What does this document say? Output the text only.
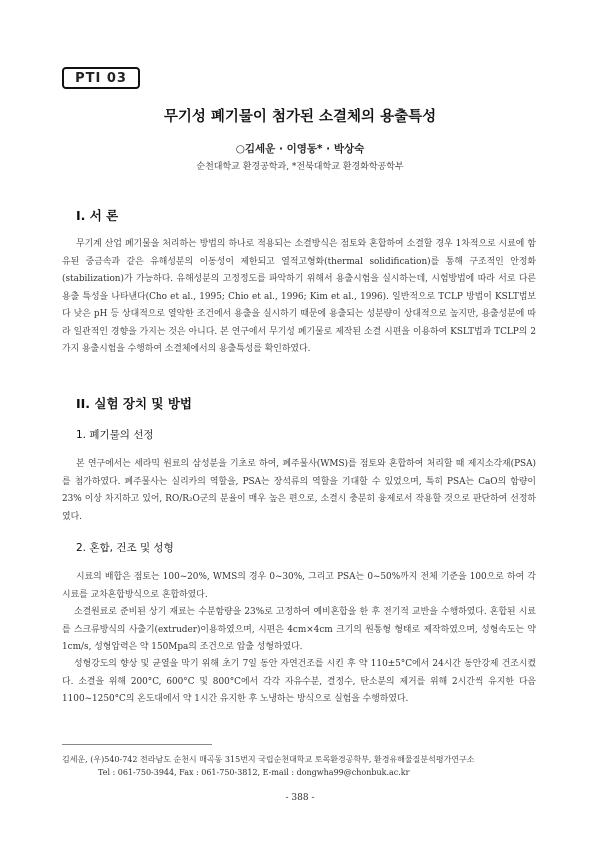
PTI 03
무기성 폐기물이 첨가된 소결체의 용출특성
○김세운 · 이영동* · 박상숙
순천대학교 환경공학과, *전북대학교 환경화학공학부
I. 서 론

무기계 산업 폐기물을 처리하는 방법의 하나로 적용되는 소결방식은 점토와 혼합하여 소결할 경우 1차적으로 시료에 함유된 중금속과 같은 유해성분의 이동성이 제한되고 열적고형화(thermal solidification)를 통해 구조적인 안정화(stabilization)가 가능하다. 유해성분의 고정정도를 파악하기 위해서 용출시험을 실시하는데, 시험방법에 따라 서로 다른 용출 특성을 나타낸다(Cho et al., 1995; Chio et al., 1996; Kim et al., 1996). 일반적으로 TCLP 방법이 KSLT법보다 낮은 pH 등 상대적으로 열악한 조건에서 용출을 실시하기 때문에 용출되는 성분량이 상대적으로 높지만, 용출성분에 따라 일관적인 경향을 가지는 것은 아니다. 본 연구에서 무기성 폐기물로 제작된 소결 시편을 이용하여 KSLT법과 TCLP의 2가지 용출시험을 수행하여 소결체에서의 용출특성를 확인하였다.

II. 실험 장치 및 방법
1. 폐기물의 선정

본 연구에서는 세라믹 원료의 삼성분을 기초로 하여, 폐주물사(WMS)를 점토와 혼합하여 처리할 때 제지소각재(PSA)를 첨가하였다. 폐주물사는 실리카의 역할을, PSA는 장석류의 역할을 기대할 수 있었으며, 특히 PSA는 CaO의 함량이 23% 이상 차지하고 있어, RO/R₂O군의 분율이 매우 높은 편으로, 소결시 충분히 융제로서 작용할 것으로 판단하여 선정하였다.

2. 혼합, 건조 및 성형

시료의 배합은 점토는 100~20%, WMS의 경우 0~30%, 그리고 PSA는 0~50%까지 전체 기준을 100으로 하여 각 시료를 교차혼합방식으로 혼합하였다.

소결원료로 준비된 상기 재료는 수분함량을 23%로 고정하여 예비혼합을 한 후 전기적 교반을 수행하였다. 혼합된 시료를 스크류방식의 사출기(extruder)이용하였으며, 시편은 4cm×4cm 크기의 원통형 형태로 제작하였으며, 성형속도는 약 1cm/s, 성형압력은 약 150Mpa의 조건으로 압출 성형하였다.

성형강도의 향상 및 균열을 막기 위해 초기 7일 동안 자연건조를 시킨 후 약 110±5°C에서 24시간 동안강제 건조시켰다. 소결을 위해 200°C, 600°C 및 800°C에서 각각 자유수분, 결정수, 탄소분의 제거를 위해 2시간씩 유지한 다음 1100~1250°C의 온도대에서 약 1시간 유지한 후 노냉하는 방식으로 실험을 수행하였다.

김세운, (우)540-742 전라남도 순천시 매곡동 315번지 국립순천대학교 토목환경공학부, 환경유해물질분석평가연구소
Tel : 061-750-3944, Fax : 061-750-3812, E-mail : dongwha99@chonbuk.ac.kr
- 388 -
